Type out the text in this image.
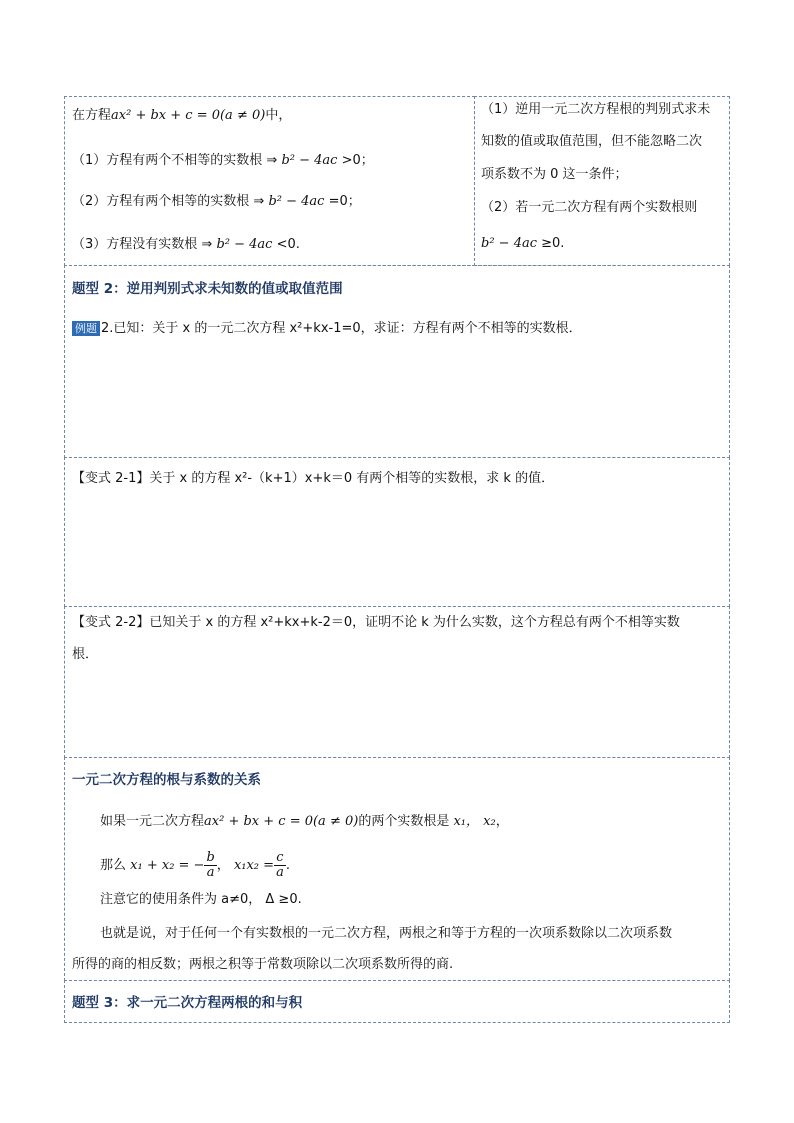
在方程ax² + bx + c = 0(a ≠ 0)中，
（1）方程有两个不相等的实数根 ⇒ b² − 4ac >0；
（2）方程有两个相等的实数根 ⇒ b² − 4ac =0；
（3）方程没有实数根 ⇒ b² − 4ac <0.
（1）逆用一元二次方程根的判别式求未
知数的值或取值范围，但不能忽略二次
项系数不为 0 这一条件；
（2）若一元二次方程有两个实数根则
b² − 4ac ≥0.
题型 2：逆用判别式求未知数的值或取值范围
例题 2.已知：关于 x 的一元二次方程 x²+kx-1=0，求证：方程有两个不相等的实数根．
【变式 2-1】关于 x 的方程 x²-（k+1）x+k＝0 有两个相等的实数根，求 k 的值．
【变式 2-2】已知关于 x 的方程 x²+kx+k-2＝0，证明不论 k 为什么实数，这个方程总有两个不相等实数
根．
一元二次方程的根与系数的关系
如果一元二次方程ax² + bx + c = 0(a ≠ 0)的两个实数根是 x₁， x₂，
那么 x₁ + x₂ = − $\frac{b}{a}$ ， $x_1x_2 = \frac{c}{a}$ .
注意它的使用条件为 a≠0， Δ ≥0.
也就是说，对于任何一个有实数根的一元二次方程，两根之和等于方程的一次项系数除以二次项系数
所得的商的相反数；两根之积等于常数项除以二次项系数所得的商.
题型 3：求一元二次方程两根的和与积
